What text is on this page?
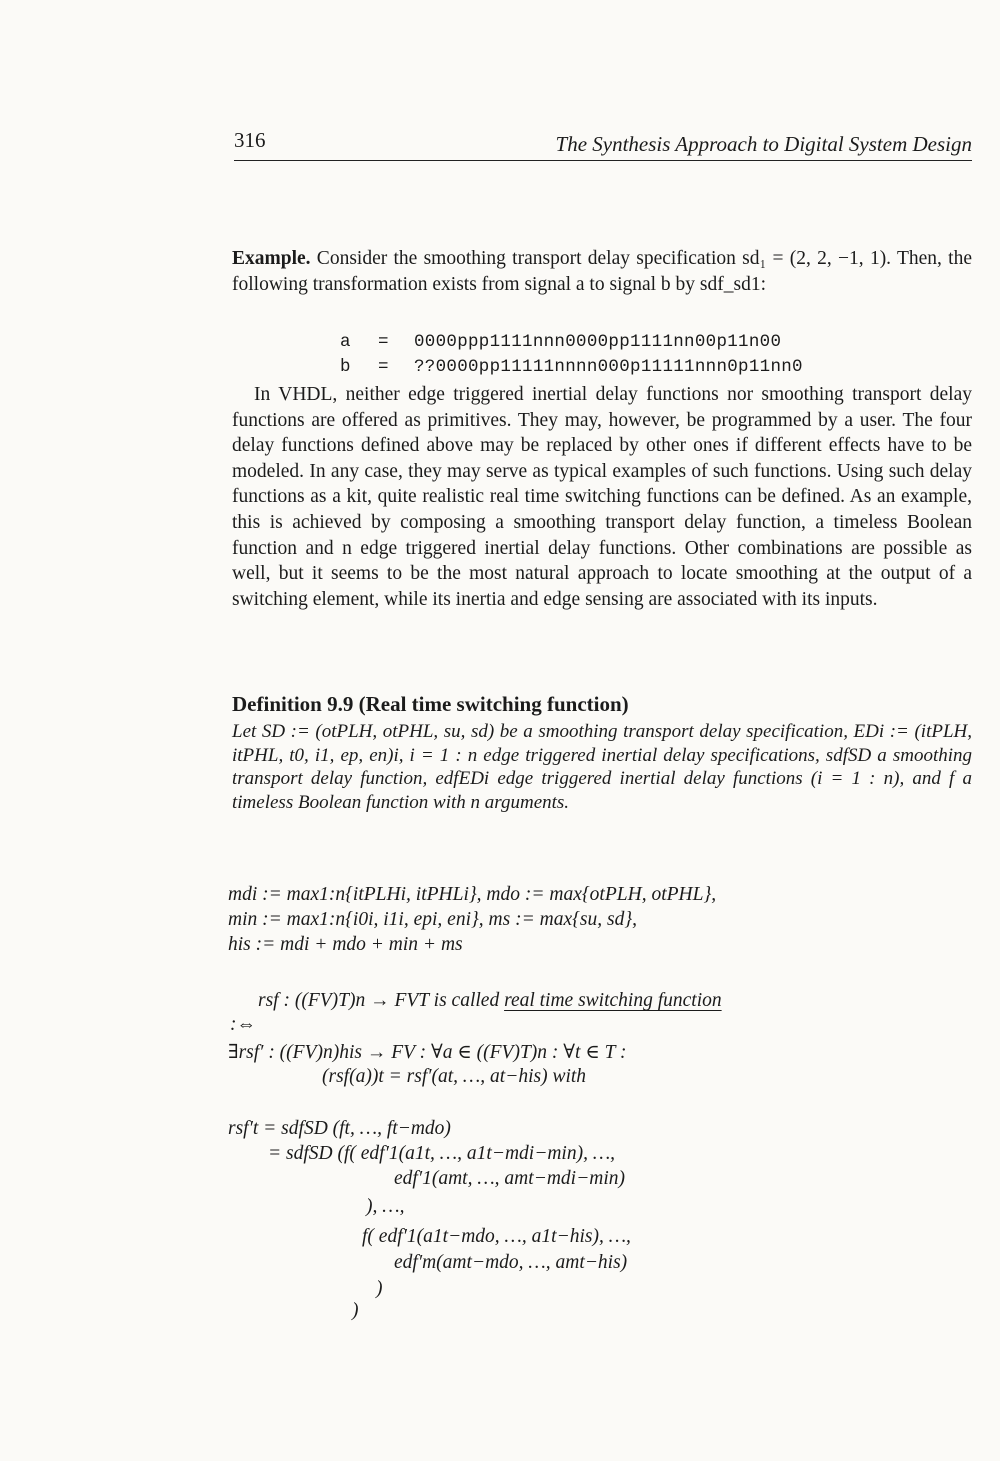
316	The Synthesis Approach to Digital System Design

Example. Consider the smoothing transport delay specification sd₁ = (2, 2, −1, 1). Then, the following transformation exists from signal a to signal b by sdf_sd1:

a = 0000ppp1111nnn0000pp1111nn00p11n00
b = ??0000pp11111nnnn000p11111nnn0p11nn0

In VHDL, neither edge triggered inertial delay functions nor smoothing transport delay functions are offered as primitives. They may, however, be programmed by a user. The four delay functions defined above may be replaced by other ones if different effects have to be modeled. In any case, they may serve as typical examples of such functions. Using such delay functions as a kit, quite realistic real time switching functions can be defined. As an example, this is achieved by composing a smoothing transport delay function, a timeless Boolean function and n edge triggered inertial delay functions. Other combinations are possible as well, but it seems to be the most natural approach to locate smoothing at the output of a switching element, while its inertia and edge sensing are associated with its inputs.

Definition 9.9 (Real time switching function)

Let SD := (otPLH, otPHL, su, sd) be a smoothing transport delay specification, EDi := (itPLH, itPHL, t0, i1, ep, en)i, i = 1 : n edge triggered inertial delay specifications, sdfSD a smoothing transport delay function, edfEDi edge triggered inertial delay functions (i = 1 : n), and f a timeless Boolean function with n arguments.

mdi := max1:n{itPLHi, itPHLi}, mdo := max{otPLH, otPHL},
min := max1:n{i0i, i1i, epi, eni}, ms := max{su, sd},
his := mdi + mdo + min + ms
rsf : ((FV)T)n → FVT is called real time switching function
:⇔
∃rsf′ : ((FV)n)his → FV : ∀a ∈ ((FV)T)n : ∀t ∈ T :
(rsf(a))t = rsf′(at, …, at−his) with
rsf′t = sdfSD (ft, …, ft−mdo)
= sdfSD (f( edf′1(a1t, …, a1t−mdi−min), …,
edf′1(amt, …, amt−mdi−min)
), …,
f( edf′1(a1t−mdo, …, a1t−his), …,
edf′m(amt−mdo, …, amt−his)
)
)
